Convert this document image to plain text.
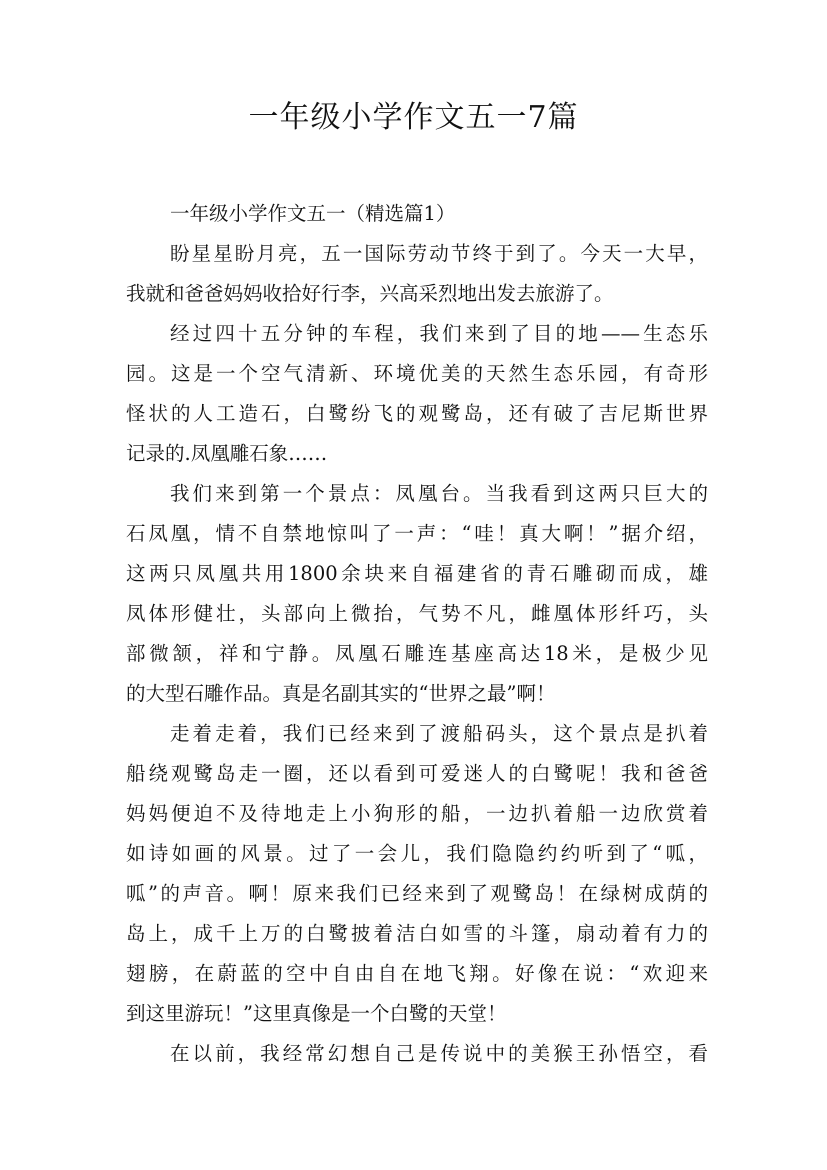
一年级小学作文五一7篇
一年级小学作文五一（精选篇1）
盼星星盼月亮，五一国际劳动节终于到了。今天一大早，
我就和爸爸妈妈收拾好行李，兴高采烈地出发去旅游了。
经过四十五分钟的车程，我们来到了目的地——生态乐
园。这是一个空气清新、环境优美的天然生态乐园，有奇形
怪状的人工造石，白鹭纷飞的观鹭岛，还有破了吉尼斯世界
记录的.凤凰雕石象……
我们来到第一个景点：凤凰台。当我看到这两只巨大的
石凤凰，情不自禁地惊叫了一声：“哇！真大啊！”据介绍，
这两只凤凰共用1800余块来自福建省的青石雕砌而成，雄
凤体形健壮，头部向上微抬，气势不凡，雌凰体形纤巧，头
部微颔，祥和宁静。凤凰石雕连基座高达18米，是极少见
的大型石雕作品。真是名副其实的“世界之最”啊！
走着走着，我们已经来到了渡船码头，这个景点是扒着
船绕观鹭岛走一圈，还以看到可爱迷人的白鹭呢！我和爸爸
妈妈便迫不及待地走上小狗形的船，一边扒着船一边欣赏着
如诗如画的风景。过了一会儿，我们隐隐约约听到了“呱，
呱”的声音。啊！原来我们已经来到了观鹭岛！在绿树成荫的
岛上，成千上万的白鹭披着洁白如雪的斗篷，扇动着有力的
翅膀，在蔚蓝的空中自由自在地飞翔。好像在说：“欢迎来
到这里游玩！”这里真像是一个白鹭的天堂！
在以前，我经常幻想自己是传说中的美猴王孙悟空，看
